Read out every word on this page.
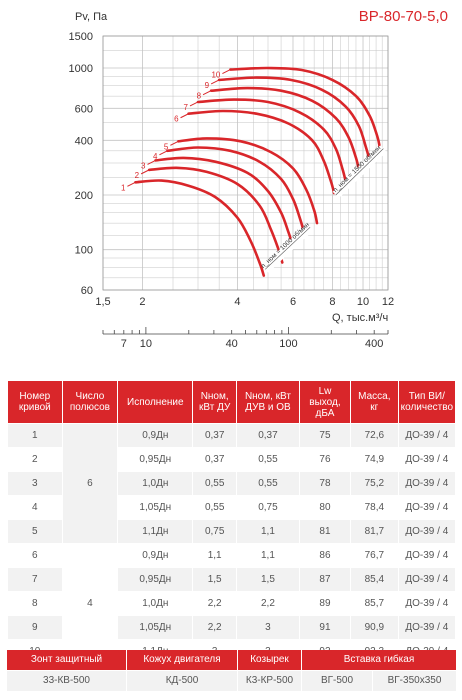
1500
1000
600
400
200
100
60
1,5	2	4	6	8 10 12
Pv, Па
Q, тыс.м³/ч
7 10	40	100	400
1
2
3
4
5
6
7
8
9
10
n_ном = 1000 об/мин
n_ном = 1500 об/мин
ВР-80-70-5,0
Номер кривой	Число полюсов	Исполнение	Nном, кВт ДУ	Nном, кВт ДУВ и ОВ	Lw выход, дБА	Масса, кг	Тип ВИ/ количество
1	6	0,9Дн	0,37	0,37	75	72,6	ДО-39 / 4
2		0,95Дн	0,37	0,55	76	74,9	ДО-39 / 4
3		1,0Дн	0,55	0,55	78	75,2	ДО-39 / 4
4		1,05Дн	0,55	0,75	80	78,4	ДО-39 / 4
5		1,1Дн	0,75	1,1	81	81,7	ДО-39 / 4
6	4	0,9Дн	1,1	1,1	86	76,7	ДО-39 / 4
7		0,95Дн	1,5	1,5	87	85,4	ДО-39 / 4
8		1,0Дн	2,2	2,2	89	85,7	ДО-39 / 4
9		1,05Дн	2,2	3	91	90,9	ДО-39 / 4

Зонт защитный	Кожух двигателя	Козырек	Вставка гибкая
33-КВ-500	КД-500	К3-КР-500	ВГ-500	ВГ-350х350
